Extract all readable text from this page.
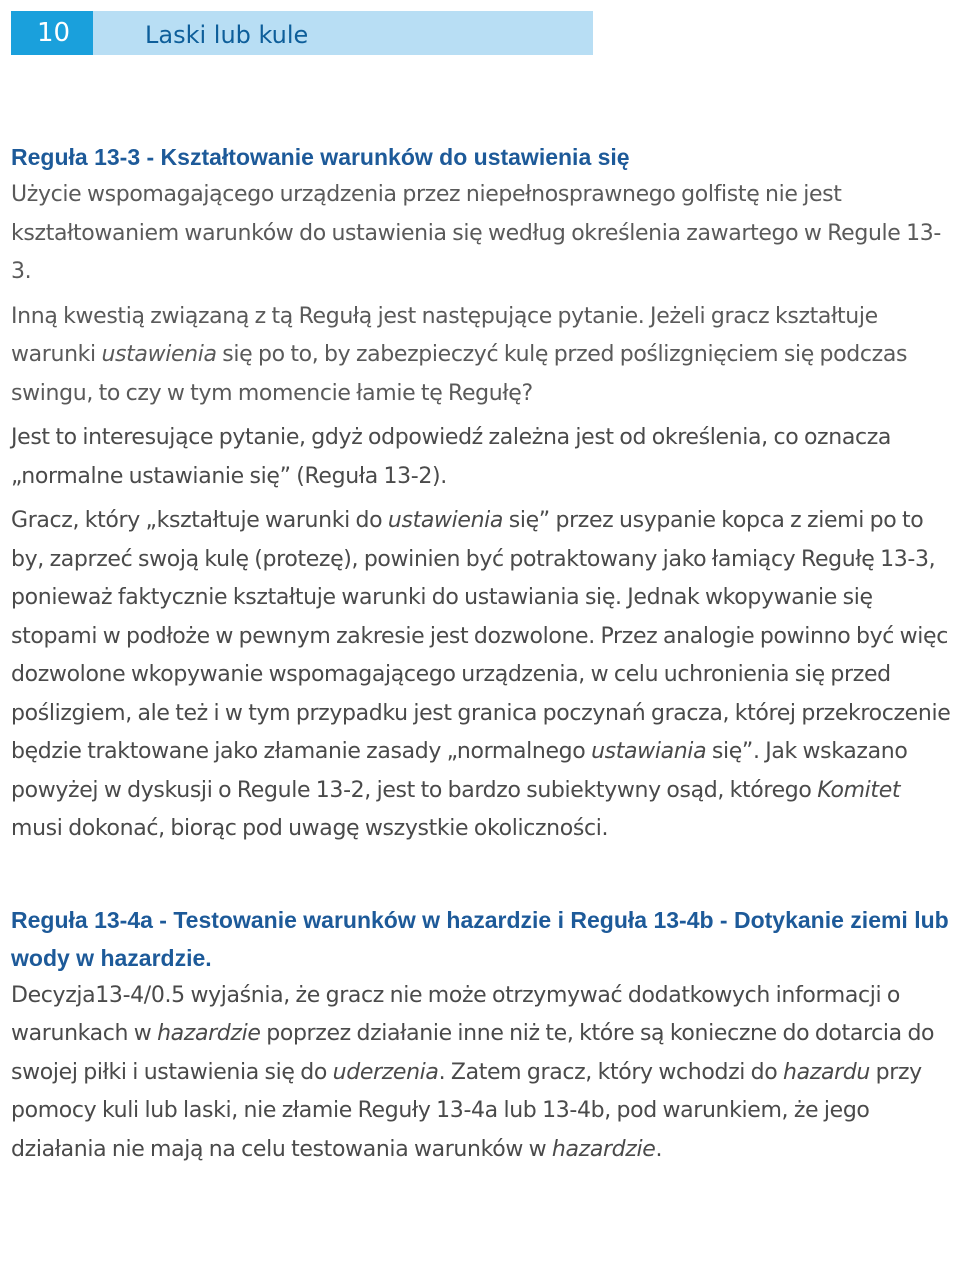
10	Laski lub kule
Reguła 13-3 - Kształtowanie warunków do ustawienia się

Użycie wspomagającego urządzenia przez niepełnosprawnego golfistę nie jest kształtowaniem warunków do ustawienia się według określenia zawartego w Regule 13-3.

Inną kwestią związaną z tą Regułą jest następujące pytanie. Jeżeli gracz kształtuje warunki ustawienia się po to, by zabezpieczyć kulę przed poślizgnięciem się podczas swingu, to czy w tym momencie łamie tę Regułę?

Jest to interesujące pytanie, gdyż odpowiedź zależna jest od określenia, co oznacza „normalne ustawianie się” (Reguła 13-2).

Gracz, który „kształtuje warunki do ustawienia się” przez usypanie kopca z ziemi po to by, zaprzeć swoją kulę (protezę), powinien być potraktowany jako łamiący Regułę 13-3, ponieważ faktycznie kształtuje warunki do ustawiania się. Jednak wkopywanie się stopami w podłoże w pewnym zakresie jest dozwolone. Przez analogie powinno być więc dozwolone wkopywanie wspomagającego urządzenia, w celu uchronienia się przed poślizgiem, ale też i w tym przypadku jest granica poczynań gracza, której przekroczenie będzie traktowane jako złamanie zasady „normalnego ustawiania się”. Jak wskazano powyżej w dyskusji o Regule 13-2, jest to bardzo subiektywny osąd, którego Komitet musi dokonać, biorąc pod uwagę wszystkie okoliczności.

Reguła 13-4a - Testowanie warunków w hazardzie i Reguła 13-4b - Dotykanie ziemi lub wody w hazardzie.

Decyzja13-4/0.5 wyjaśnia, że gracz nie może otrzymywać dodatkowych informacji o warunkach w hazardzie poprzez działanie inne niż te, które są konieczne do dotarcia do swojej piłki i ustawienia się do uderzenia. Zatem gracz, który wchodzi do hazardu przy pomocy kuli lub laski, nie złamie Reguły 13-4a lub 13-4b, pod warunkiem, że jego działania nie mają na celu testowania warunków w hazardzie.
